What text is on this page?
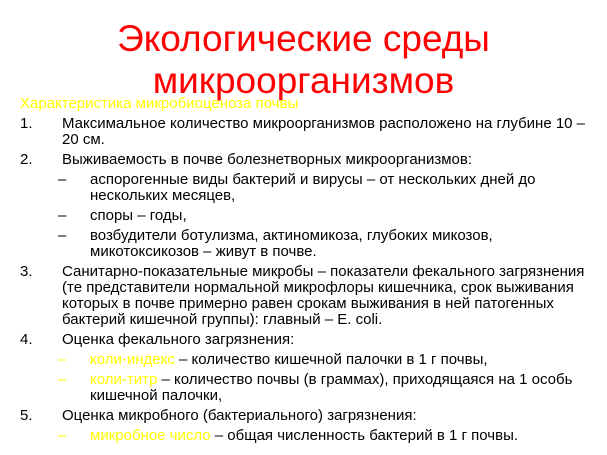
Экологические среды
микроорганизмов
Характеристика микробиоценоза почвы
1. Максимальное количество микроорганизмов расположено на глубине 10 – 20 см.
2. Выживаемость в почве болезнетворных микроорганизмов:
– аспорогенные виды бактерий и вирусы – от нескольких дней до нескольких месяцев,
– споры – годы,
– возбудители ботулизма, актиномикоза, глубоких микозов, микотоксикозов – живут в почве.
3. Санитарно-показательные микробы – показатели фекального загрязнения (те представители нормальной микрофлоры кишечника, срок выживания которых в почве примерно равен срокам выживания в ней патогенных бактерий кишечной группы): главный – E. coli.
4. Оценка фекального загрязнения:
– коли-индекс – количество кишечной палочки в 1 г почвы,
– коли-титр – количество почвы (в граммах), приходящаяся на 1 особь кишечной палочки,
5. Оценка микробного (бактериального) загрязнения:
– микробное число – общая численность бактерий в 1 г почвы.
